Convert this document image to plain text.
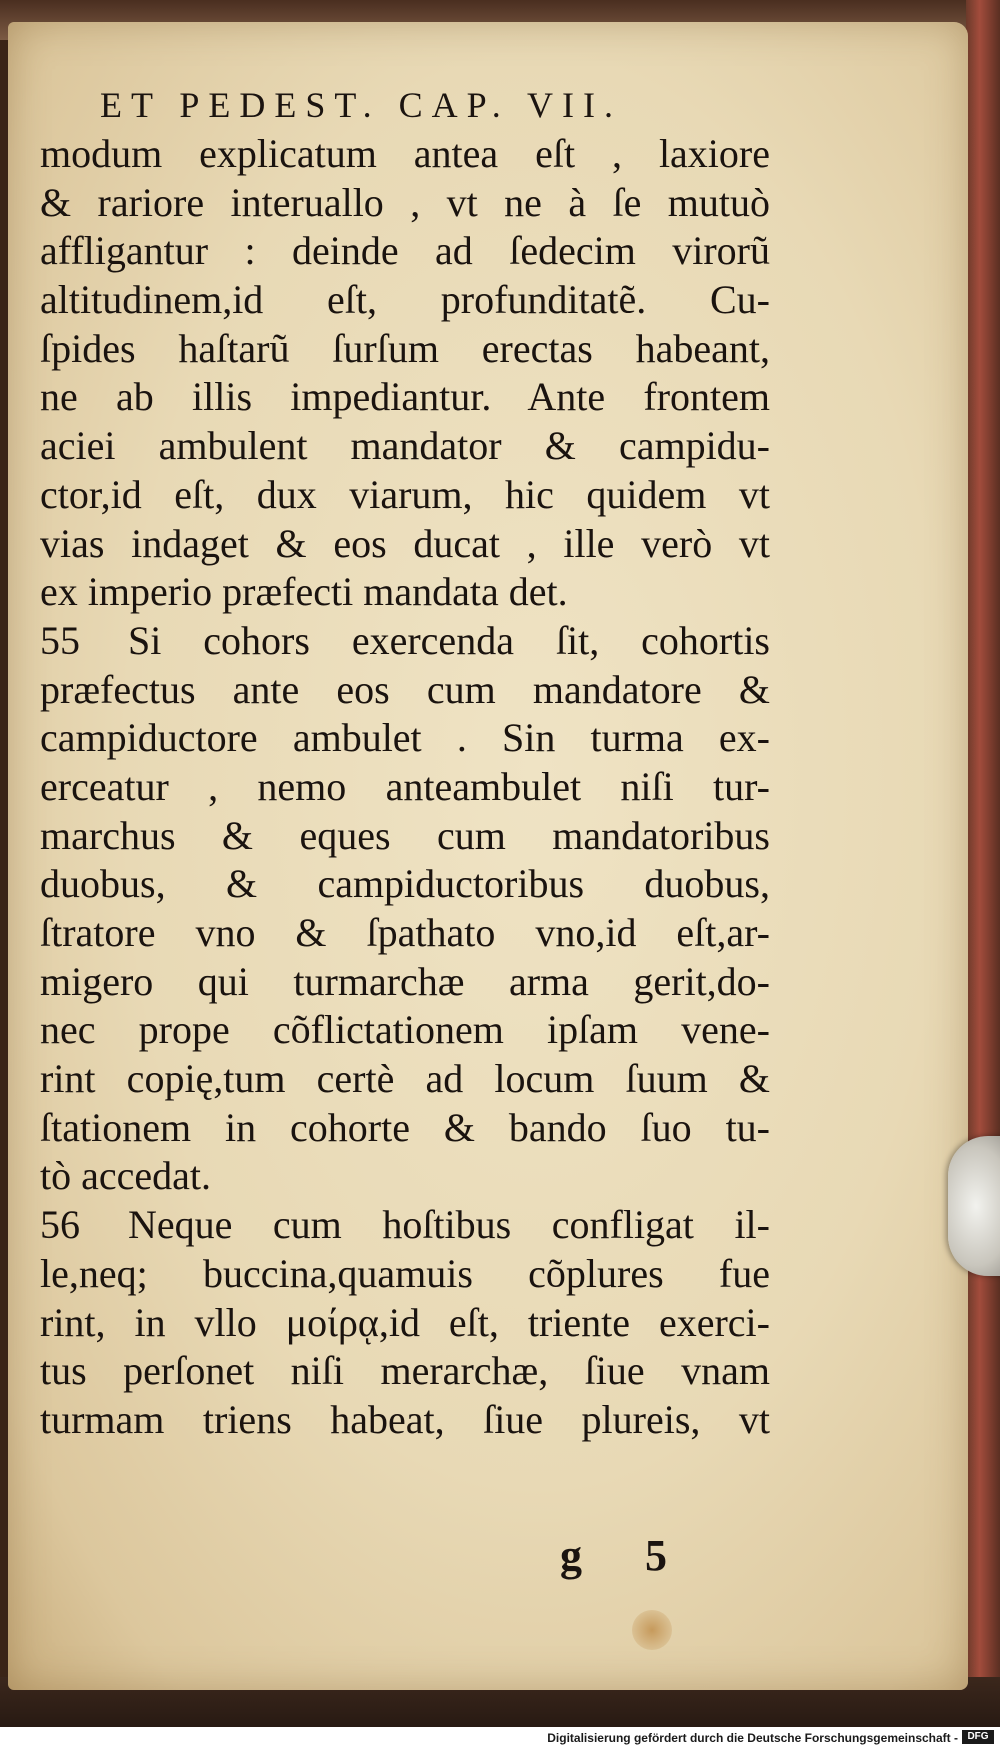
ET PEDEST. CAP. VII.
modum explicatum antea eſt , laxiore
& rariore interuallo , vt ne à ſe mutuò
affligantur : deinde ad ſedecim virorũ
altitudinem,id eſt, profunditatẽ. Cu-
ſpides haſtarũ ſurſum erectas habeant,
ne ab illis impediantur. Ante frontem
aciei ambulent mandator & campidu-
ctor,id eſt, dux viarum, hic quidem vt
vias indaget & eos ducat , ille verò vt
ex imperio præfecti mandata det.
55	Si cohors exercenda ſit, cohortis
præfectus ante eos cum mandatore &
campiductore ambulet . Sin turma ex-
erceatur , nemo anteambulet niſi tur-
marchus & eques cum mandatoribus
duobus, & campiductoribus duobus,
ſtratore vno & ſpathato vno,id eſt,ar-
migero qui turmarchæ arma gerit,do-
nec prope cõflictationem ipſam vene-
rint copię,tum certè ad locum ſuum &
ſtationem in cohorte & bando ſuo tu-
tò accedat.
56	Neque cum hoſtibus confligat il-
le,neq; buccina,quamuis cõplures fue
rint, in vllo μοίρᾳ,id eſt, triente exerci-
tus perſonet niſi merarchæ, ſiue vnam
turmam triens habeat, ſiue plureis, vt
g 5
Digitalisierung gefördert durch die Deutsche Forschungsgemeinschaft - DFG
